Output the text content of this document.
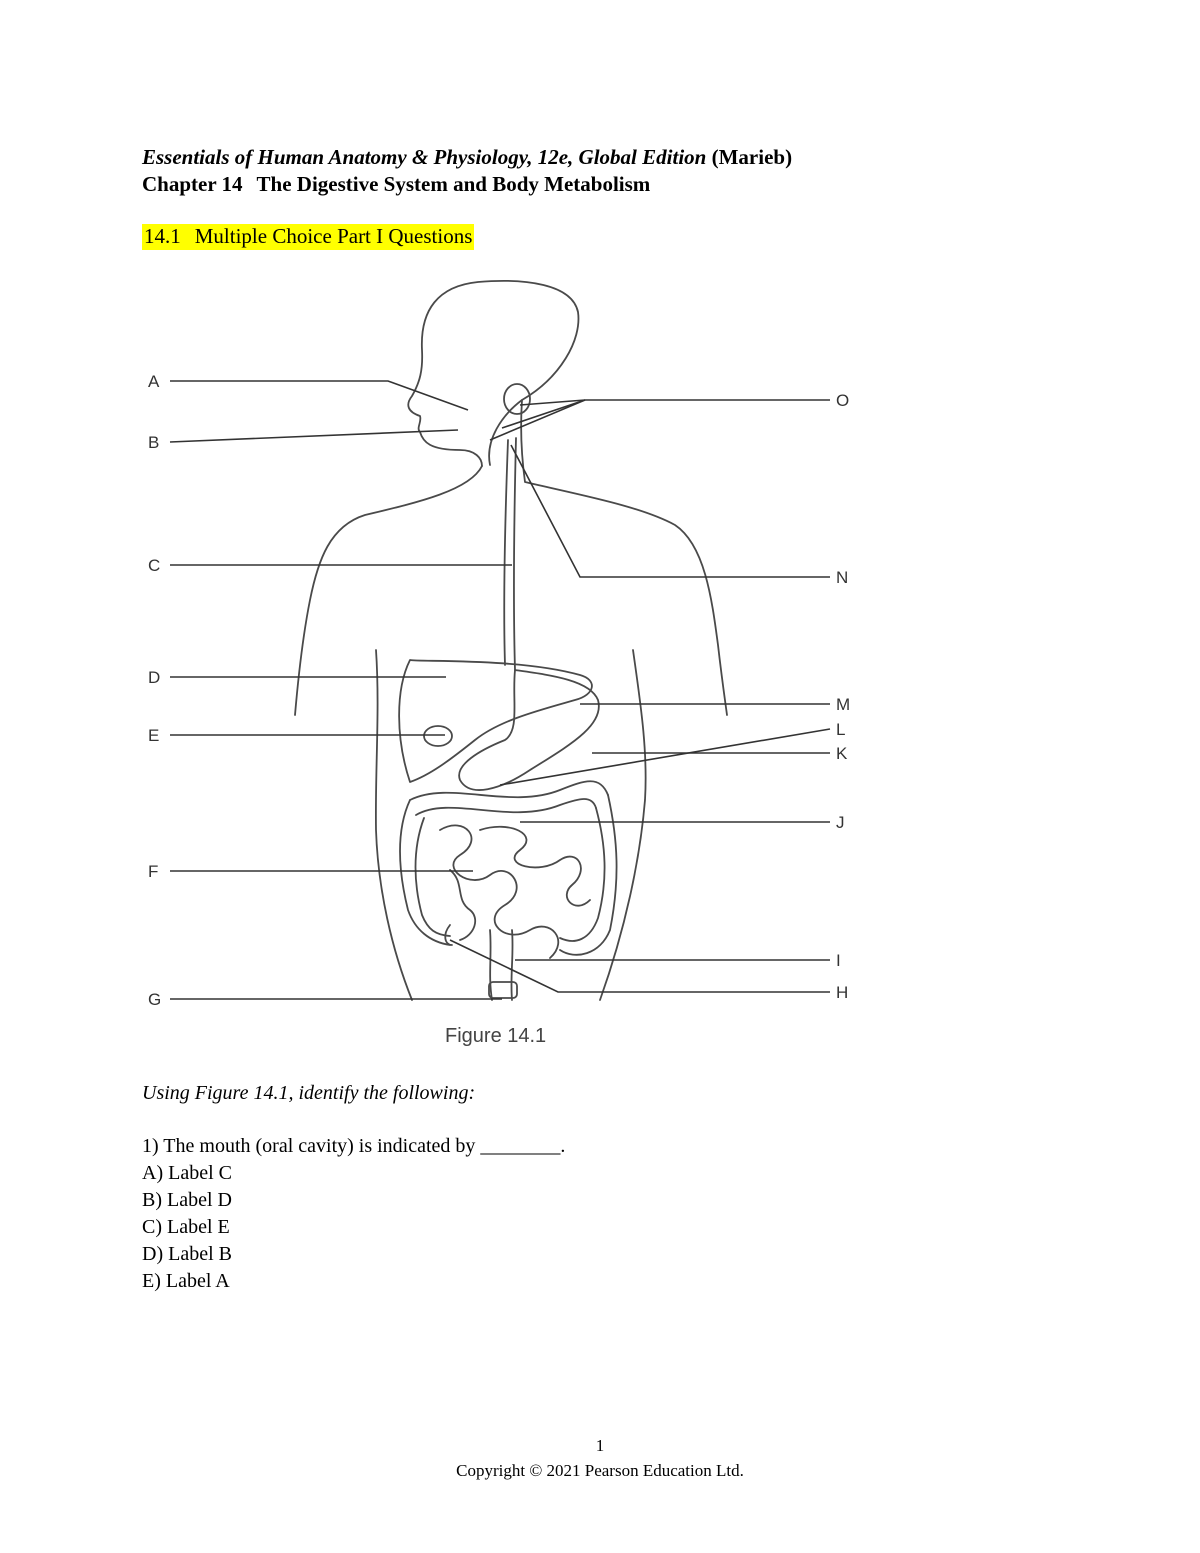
Essentials of Human Anatomy & Physiology, 12e, Global Edition (Marieb)
Chapter 14 The Digestive System and Body Metabolism
14.1 Multiple Choice Part I Questions
A
B
C
D
E
F
G
O
N
M
L
K
J
I
H
Figure 14.1
Using Figure 14.1, identify the following:
1) The mouth (oral cavity) is indicated by ________.
A) Label C
B) Label D
C) Label E
D) Label B
E) Label A
1
Copyright © 2021 Pearson Education Ltd.
